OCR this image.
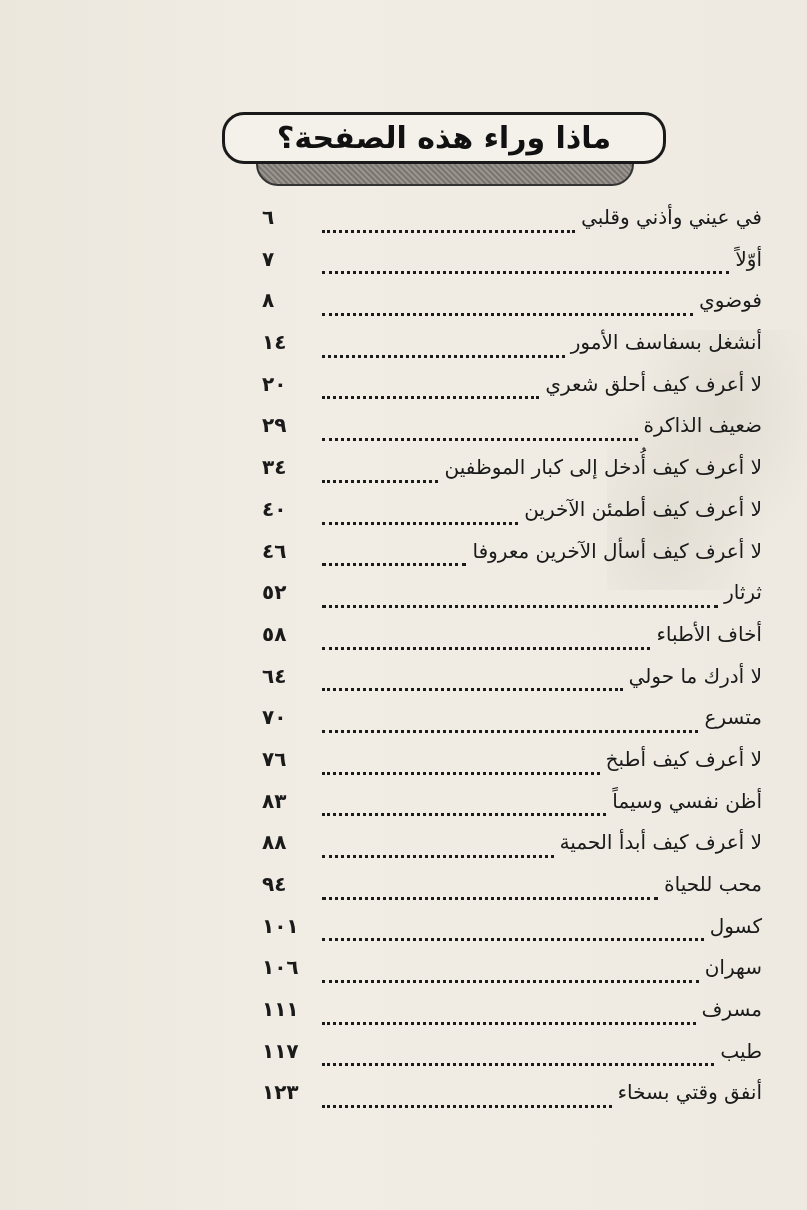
ماذا وراء هذه الصفحة؟
في عيني وأذني وقلبي
٦
أوّلاً
٧
فوضوي
٨
أنشغل بسفاسف الأمور
١٤
لا أعرف كيف أحلق شعري
٢٠
ضعيف الذاكرة
٢٩
لا أعرف كيف أُدخل إلى كبار الموظفين
٣٤
لا أعرف كيف أطمئن الآخرين
٤٠
لا أعرف كيف أسأل الآخرين معروفا
٤٦
ثرثار
٥٢
أخاف الأطباء
٥٨
لا أدرك ما حولي
٦٤
متسرع
٧٠
لا أعرف كيف أطبخ
٧٦
أظن نفسي وسيماً
٨٣
لا أعرف كيف أبدأ الحمية
٨٨
محب للحياة
٩٤
كسول
١٠١
سهران
١٠٦
مسرف
١١١
طيب
١١٧
أنفق وقتي بسخاء
١٢٣
